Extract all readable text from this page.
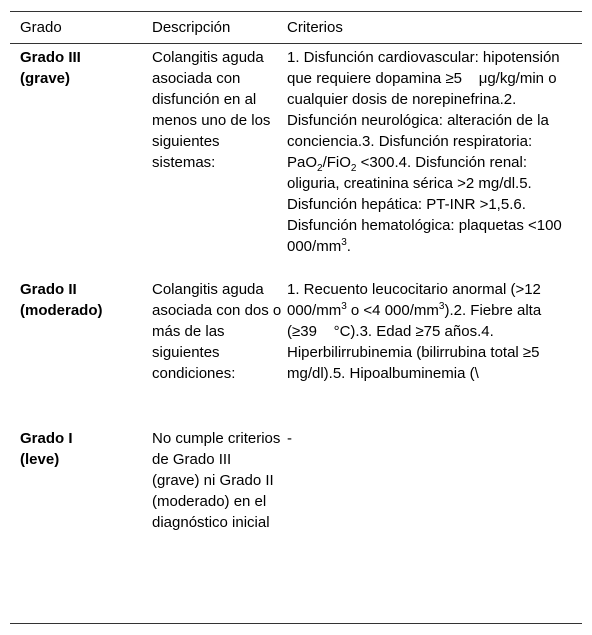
Grado	Descripción	Criterios
Grado III
(grave)
Colangitis aguda asociada con disfunción en al menos uno de los siguientes sistemas:
1. Disfunción cardiovascular: hipotensión que requiere dopamina ≥5    μg/kg/min o cualquier dosis de norepinefrina.2. Disfunción neurológica: alteración de la conciencia.3. Disfunción respiratoria: PaO$_2$/FiO$_2$ <300.4. Disfunción renal: oliguria, creatinina sérica >2 mg/dl.5. Disfunción hepática: PT-INR >1,5.6. Disfunción hematológica: plaquetas <100 $000/mm^3$.
Grado II
(moderado)
Colangitis aguda asociada con dos o más de las siguientes condiciones:
1. Recuento leucocitario anormal (>12 $000/mm^3$ o <4 $000/mm^3).2$. Fiebre alta (≥39    °C).3. Edad ≥75 años.4. Hiperbilirrubinemia (bilirrubina total ≥5 mg/dl).5. Hipoalbuminemia (\
Grado I
(leve)
No cumple criterios de Grado III (grave) ni Grado II (moderado) en el diagnóstico inicial
-
